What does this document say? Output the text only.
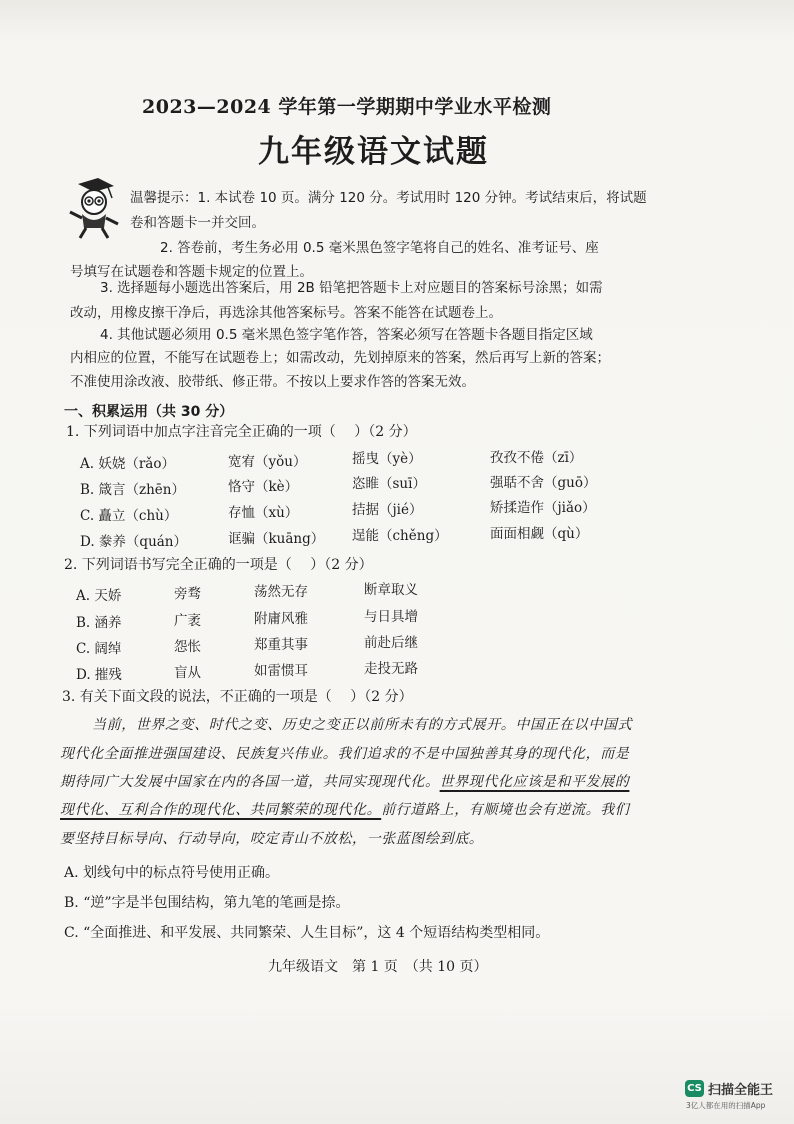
2023—2024 学年第一学期期中学业水平检测
九年级语文试题
温馨提示：1. 本试卷 10 页。满分 120 分。考试用时 120 分钟。考试结束后，将试题
卷和答题卡一并交回。
2. 答卷前，考生务必用 0.5 毫米黑色签字笔将自己的姓名、准考证号、座
号填写在试题卷和答题卡规定的位置上。
3. 选择题每小题选出答案后，用 2B 铅笔把答题卡上对应题目的答案标号涂黑；如需
改动，用橡皮擦干净后，再选涂其他答案标号。答案不能答在试题卷上。
4. 其他试题必须用 0.5 毫米黑色签字笔作答，答案必须写在答题卡各题目指定区域
内相应的位置，不能写在试题卷上；如需改动，先划掉原来的答案，然后再写上新的答案；
不准使用涂改液、胶带纸、修正带。不按以上要求作答的答案无效。
一、积累运用（共 30 分）
1. 下列词语中加点字注音完全正确的一项（　 ）（2 分）
A. 妖娆（rǎo）	宽宥（yǒu）	摇曳（yè）	孜孜不倦（zī）
B. 箴言（zhēn）	恪守（kè）	恣睢（suī）	强聒不舍（guō）
C. 矗立（chù）	存恤（xù）	拮据（jié）	矫揉造作（jiǎo）
D. 豢养（quán）	诓骗（kuāng） 逞能（chěng）	面面相觑（qù）
2. 下列词语书写完全正确的一项是（　 ）（2 分）
A. 天娇	旁骛	荡然无存	断章取义
B. 涵养	广袤	附庸风雅	与日具增
C. 阔绰	怨怅	郑重其事	前赴后继
D. 摧残	盲从	如雷惯耳	走投无路
3. 有关下面文段的说法，不正确的一项是（　 ）（2 分）
当前，世界之变、时代之变、历史之变正以前所未有的方式展开。中国正在以中国式
现代化全面推进强国建设、民族复兴伟业。我们追求的不是中国独善其身的现代化，而是
期待同广大发展中国家在内的各国一道，共同实现现代化。世界现代化应该是和平发展的
现代化、互利合作的现代化、共同繁荣的现代化。前行道路上，有顺境也会有逆流。我们
要坚持目标导向、行动导向，咬定青山不放松，一张蓝图绘到底。
A. 划线句中的标点符号使用正确。
B. “逆”字是半包围结构，第九笔的笔画是捺。
C. “全面推进、和平发展、共同繁荣、人生目标”，这 4 个短语结构类型相同。
九年级语文　第 1 页　（共 10 页）
CS 扫描全能王
3亿人都在用的扫描App
